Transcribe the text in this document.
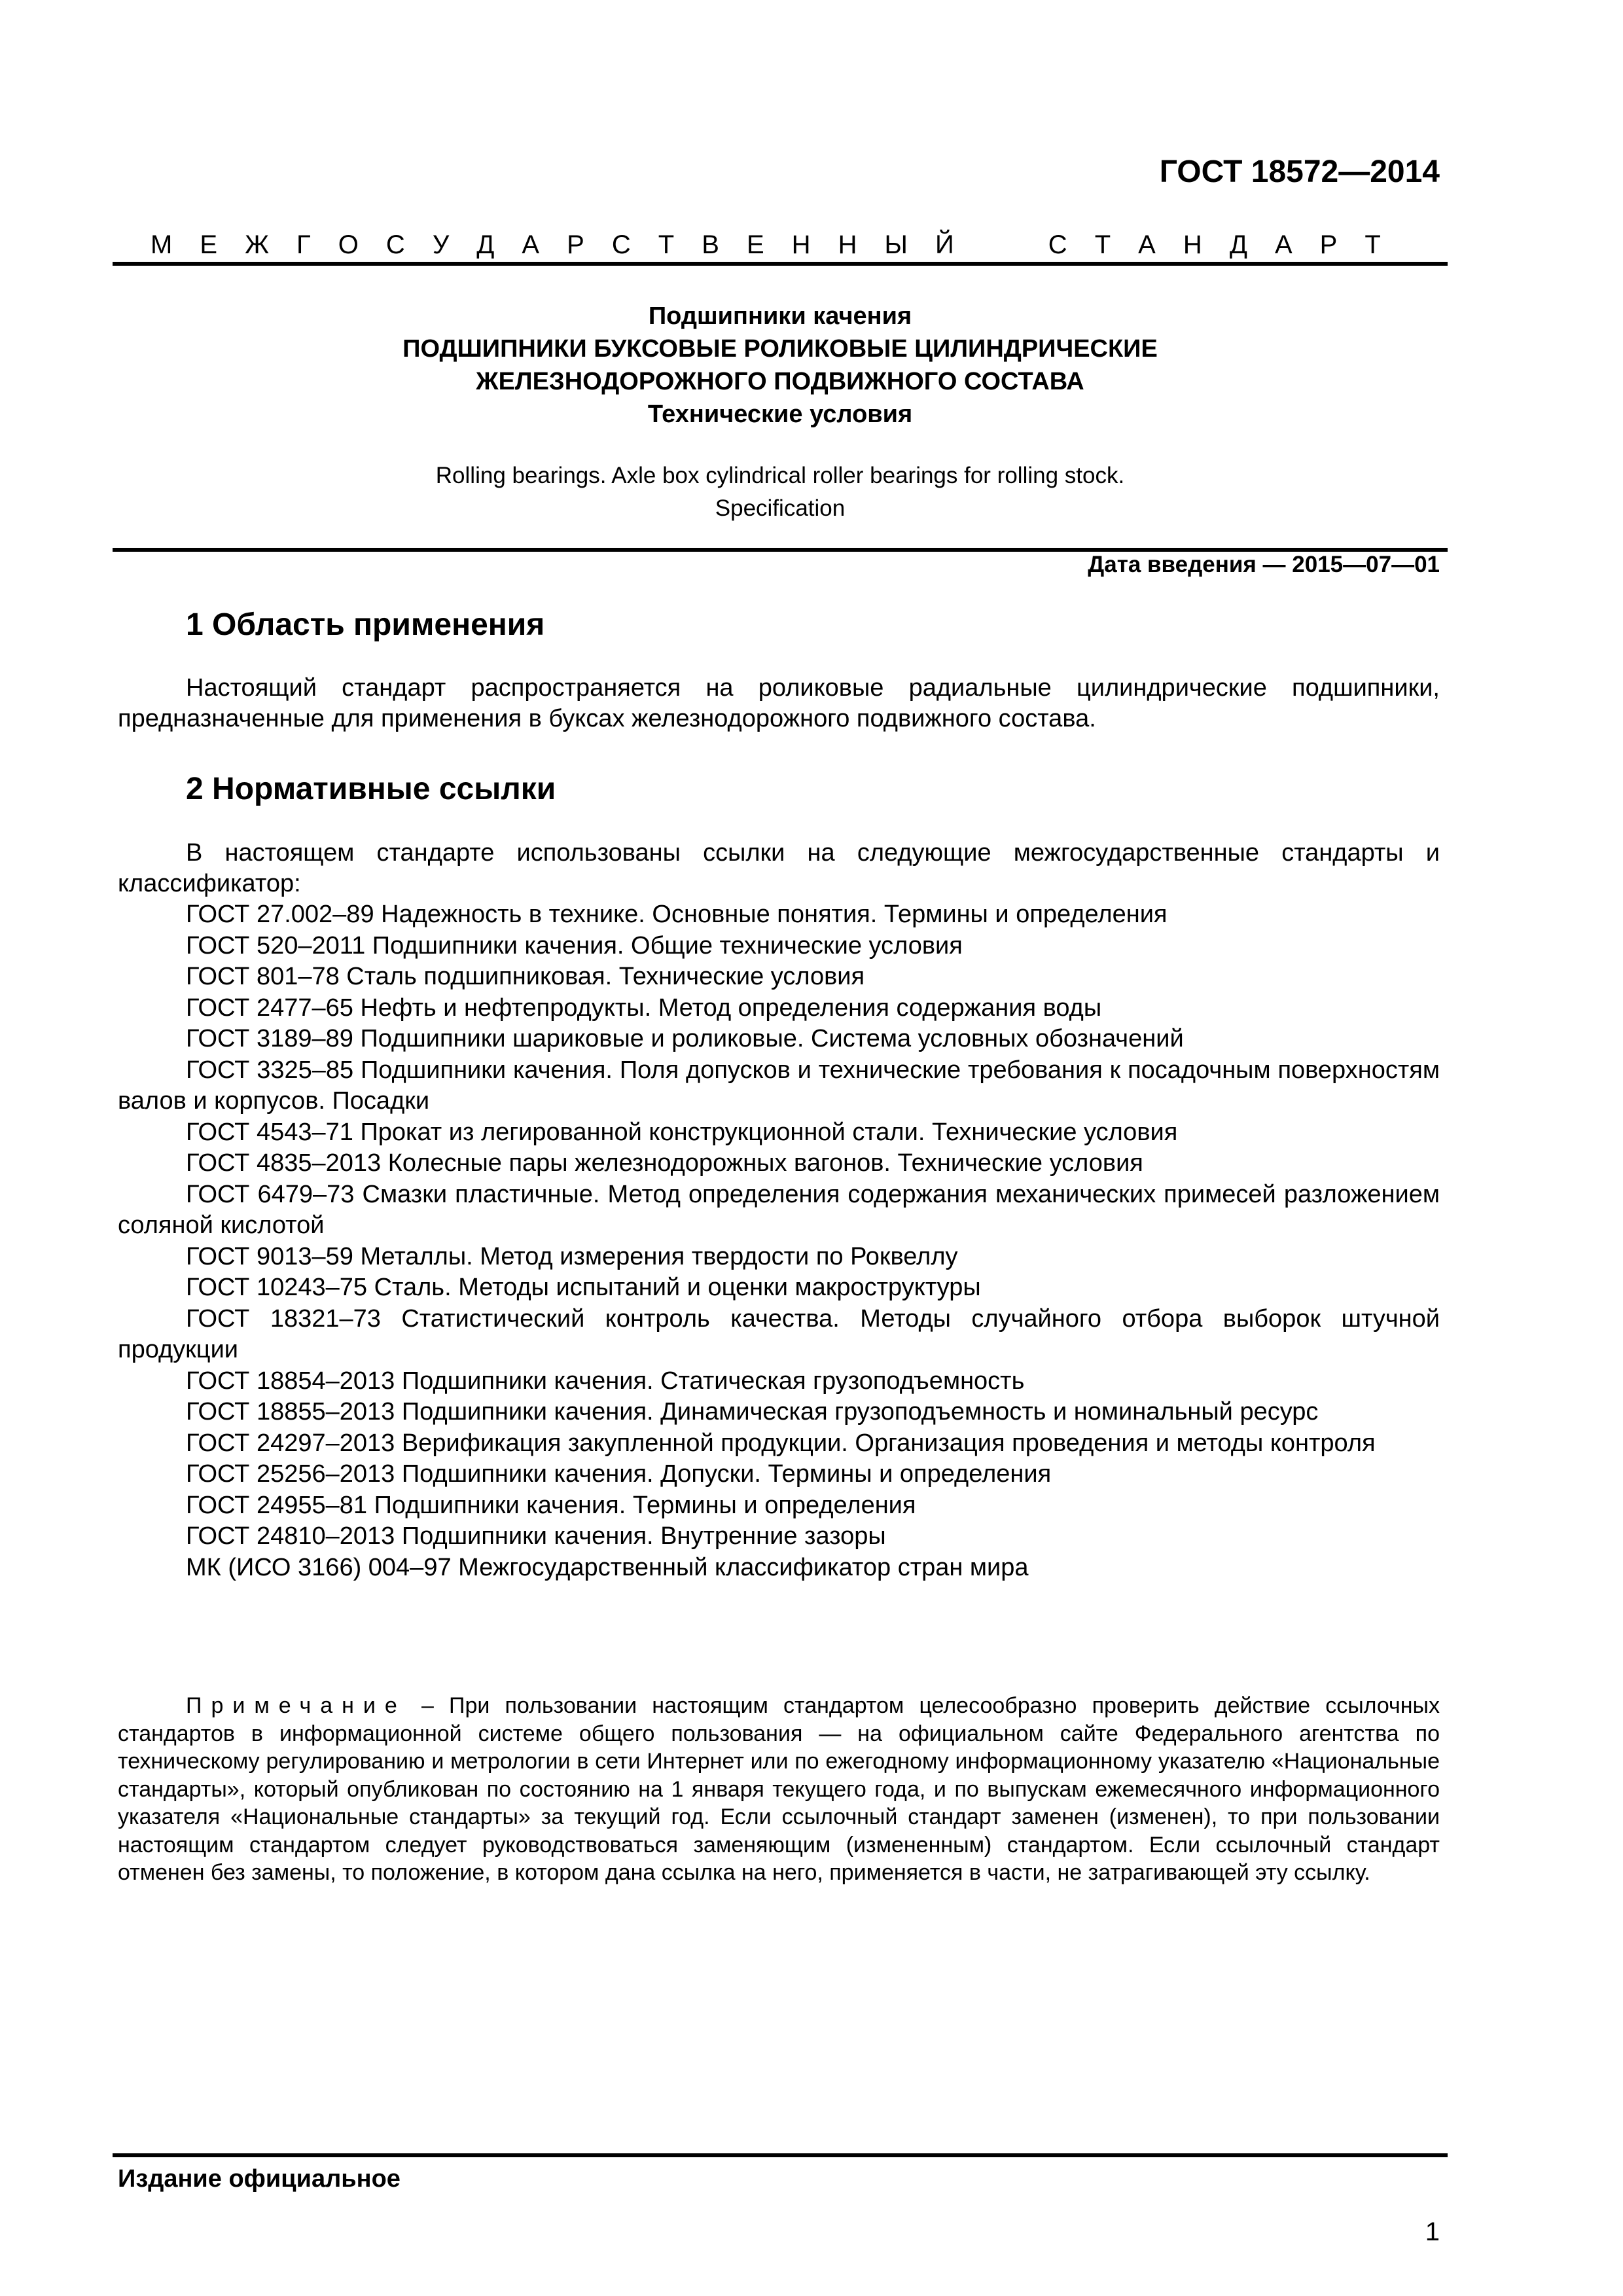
ГОСТ 18572—2014
М Е Ж Г О С У Д А Р С Т В Е Н Н Ы Й	С Т А Н Д А Р Т
Подшипники качения
ПОДШИПНИКИ БУКСОВЫЕ РОЛИКОВЫЕ ЦИЛИНДРИЧЕСКИЕ
ЖЕЛЕЗНОДОРОЖНОГО ПОДВИЖНОГО СОСТАВА
Технические условия
Rolling bearings. Axle box cylindrical roller bearings for rolling stock.
Specification
Дата введения — 2015—07—01
1 Область применения

Настоящий стандарт распространяется на роликовые радиальные цилиндрические подшипники, предназначенные для применения в буксах железнодорожного подвижного состава.

2 Нормативные ссылки

В настоящем стандарте использованы ссылки на следующие межгосударственные стандарты и классификатор:

ГОСТ 27.002–89 Надежность в технике. Основные понятия. Термины и определения
ГОСТ 520–2011 Подшипники качения. Общие технические условия
ГОСТ 801–78 Сталь подшипниковая. Технические условия
ГОСТ 2477–65 Нефть и нефтепродукты. Метод определения содержания воды
ГОСТ 3189–89 Подшипники шариковые и роликовые. Система условных обозначений
ГОСТ 3325–85 Подшипники качения. Поля допусков и технические требования к посадочным поверхностям валов и корпусов. Посадки
ГОСТ 4543–71 Прокат из легированной конструкционной стали. Технические условия
ГОСТ 4835–2013 Колесные пары железнодорожных вагонов. Технические условия
ГОСТ 6479–73 Смазки пластичные. Метод определения содержания механических примесей разложением соляной кислотой
ГОСТ 9013–59 Металлы. Метод измерения твердости по Роквеллу
ГОСТ 10243–75 Сталь. Методы испытаний и оценки макроструктуры
ГОСТ 18321–73 Статистический контроль качества. Методы случайного отбора выборок штучной продукции
ГОСТ 18854–2013 Подшипники качения. Статическая грузоподъемность
ГОСТ 18855–2013 Подшипники качения. Динамическая грузоподъемность и номинальный ресурс
ГОСТ 24297–2013 Верификация закупленной продукции. Организация проведения и методы контроля
ГОСТ 25256–2013 Подшипники качения. Допуски. Термины и определения
ГОСТ 24955–81 Подшипники качения. Термины и определения
ГОСТ 24810–2013 Подшипники качения. Внутренние зазоры
МК (ИСО 3166) 004–97 Межгосударственный классификатор стран мира
Примечание – При пользовании настоящим стандартом целесообразно проверить действие ссылочных стандартов в информационной системе общего пользования — на официальном сайте Федерального агентства по техническому регулированию и метрологии в сети Интернет или по ежегодному информационному указателю «Национальные стандарты», который опубликован по состоянию на 1 января текущего года, и по выпускам ежемесячного информационного указателя «Национальные стандарты» за текущий год. Если ссылочный стандарт заменен (изменен), то при пользовании настоящим стандартом следует руководствоваться заменяющим (измененным) стандартом. Если ссылочный стандарт отменен без замены, то положение, в котором дана ссылка на него, применяется в части, не затрагивающей эту ссылку.
Издание официальное
1
